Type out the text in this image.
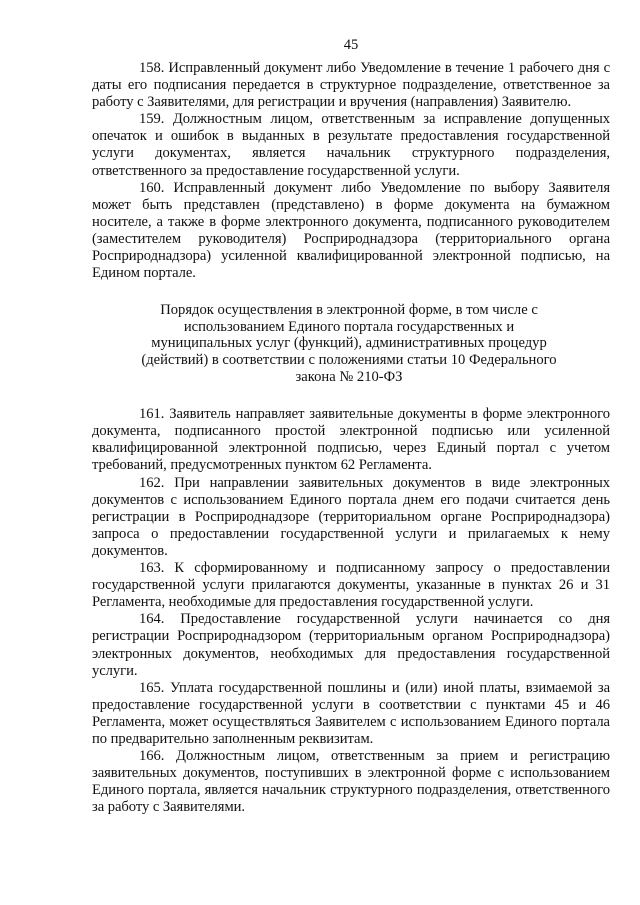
45

158. Исправленный документ либо Уведомление в течение 1 рабочего дня с даты его подписания передается в структурное подразделение, ответственное за работу с Заявителями, для регистрации и вручения (направления) Заявителю.

159. Должностным лицом, ответственным за исправление допущенных опечаток и ошибок в выданных в результате предоставления государственной услуги документах, является начальник структурного подразделения, ответственного за предоставление государственной услуги.

160. Исправленный документ либо Уведомление по выбору Заявителя может быть представлен (представлено) в форме документа на бумажном носителе, а также в форме электронного документа, подписанного руководителем (заместителем руководителя) Росприроднадзора (территориального органа Росприроднадзора) усиленной квалифицированной электронной подписью, на Едином портале.

Порядок осуществления в электронной форме, в том числе с использованием Единого портала государственных и муниципальных услуг (функций), административных процедур (действий) в соответствии с положениями статьи 10 Федерального закона № 210-ФЗ

161. Заявитель направляет заявительные документы в форме электронного документа, подписанного простой электронной подписью или усиленной квалифицированной электронной подписью, через Единый портал с учетом требований, предусмотренных пунктом 62 Регламента.

162. При направлении заявительных документов в виде электронных документов с использованием Единого портала днем его подачи считается день регистрации в Росприроднадзоре (территориальном органе Росприроднадзора) запроса о предоставлении государственной услуги и прилагаемых к нему документов.

163. К сформированному и подписанному запросу о предоставлении государственной услуги прилагаются документы, указанные в пунктах 26 и 31 Регламента, необходимые для предоставления государственной услуги.

164. Предоставление государственной услуги начинается со дня регистрации Росприроднадзором (территориальным органом Росприроднадзора) электронных документов, необходимых для предоставления государственной услуги.

165. Уплата государственной пошлины и (или) иной платы, взимаемой за предоставление государственной услуги в соответствии с пунктами 45 и 46 Регламента, может осуществляться Заявителем с использованием Единого портала по предварительно заполненным реквизитам.

166. Должностным лицом, ответственным за прием и регистрацию заявительных документов, поступивших в электронной форме с использованием Единого портала, является начальник структурного подразделения, ответственного за работу с Заявителями.
